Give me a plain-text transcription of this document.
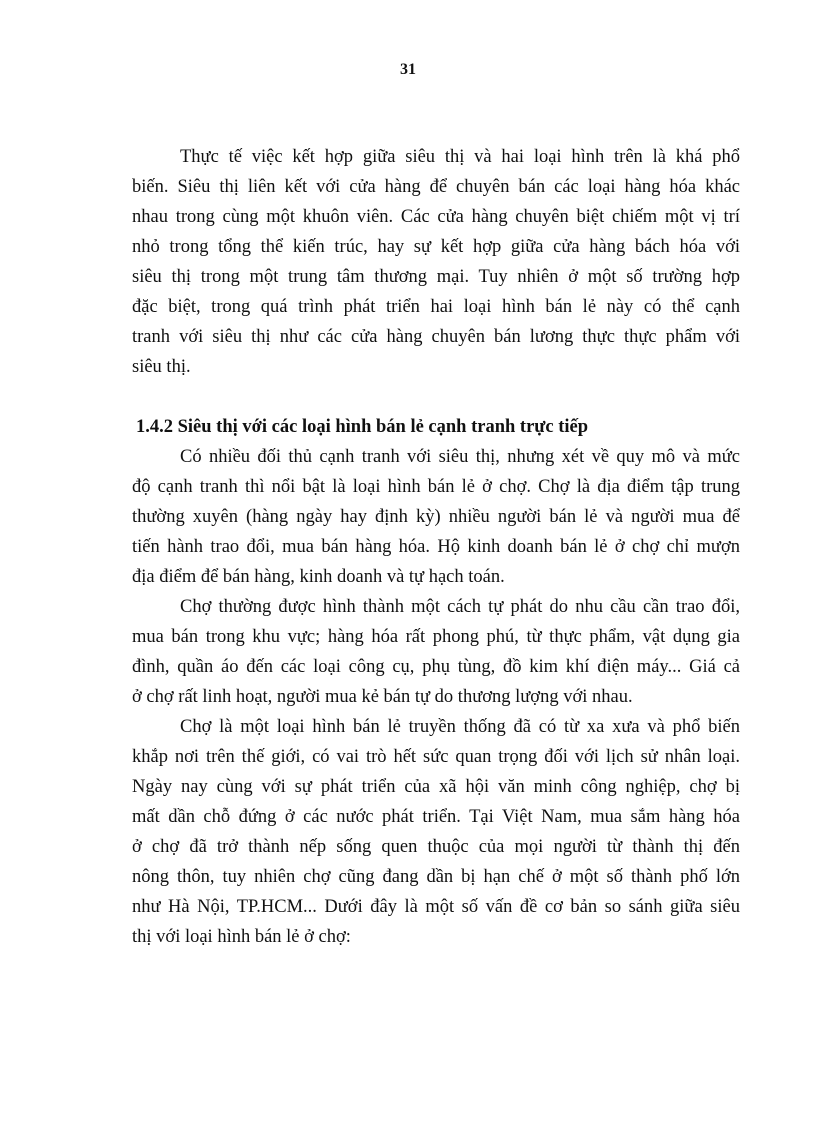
31
Thực tế việc kết hợp giữa siêu thị và hai loại hình trên là khá phổ
biến. Siêu thị liên kết với cửa hàng để chuyên bán các loại hàng hóa khác
nhau trong cùng một khuôn viên. Các cửa hàng chuyên biệt chiếm một vị trí
nhỏ trong tổng thể kiến trúc, hay sự kết hợp giữa cửa hàng bách hóa với
siêu thị trong một trung tâm thương mại. Tuy nhiên ở một số trường hợp
đặc biệt, trong quá trình phát triển hai loại hình bán lẻ này có thể cạnh
tranh với siêu thị như các cửa hàng chuyên bán lương thực thực phẩm với
siêu thị.
1.4.2 Siêu thị với các loại hình bán lẻ cạnh tranh trực tiếp
Có nhiều đối thủ cạnh tranh với siêu thị, nhưng xét về quy mô và mức
độ cạnh tranh thì nổi bật là loại hình bán lẻ ở chợ. Chợ là địa điểm tập trung
thường xuyên (hàng ngày hay định kỳ) nhiều người bán lẻ và người mua để
tiến hành trao đổi, mua bán hàng hóa. Hộ kinh doanh bán lẻ ở chợ chỉ mượn
địa điểm để bán hàng, kinh doanh và tự hạch toán.
Chợ thường được hình thành một cách tự phát do nhu cầu cần trao đổi,
mua bán trong khu vực; hàng hóa rất phong phú, từ thực phẩm, vật dụng gia
đình, quần áo đến các loại công cụ, phụ tùng, đồ kim khí điện máy... Giá cả
ở chợ rất linh hoạt, người mua kẻ bán tự do thương lượng với nhau.
Chợ là một loại hình bán lẻ truyền thống đã có từ xa xưa và phổ biến
khắp nơi trên thế giới, có vai trò hết sức quan trọng đối với lịch sử nhân loại.
Ngày nay cùng với sự phát triển của xã hội văn minh công nghiệp, chợ bị
mất dần chỗ đứng ở các nước phát triển. Tại Việt Nam, mua sắm hàng hóa
ở chợ đã trở thành nếp sống quen thuộc của mọi người từ thành thị đến
nông thôn, tuy nhiên chợ cũng đang dần bị hạn chế ở một số thành phố lớn
như Hà Nội, TP.HCM... Dưới đây là một số vấn đề cơ bản so sánh giữa siêu
thị với loại hình bán lẻ ở chợ:
